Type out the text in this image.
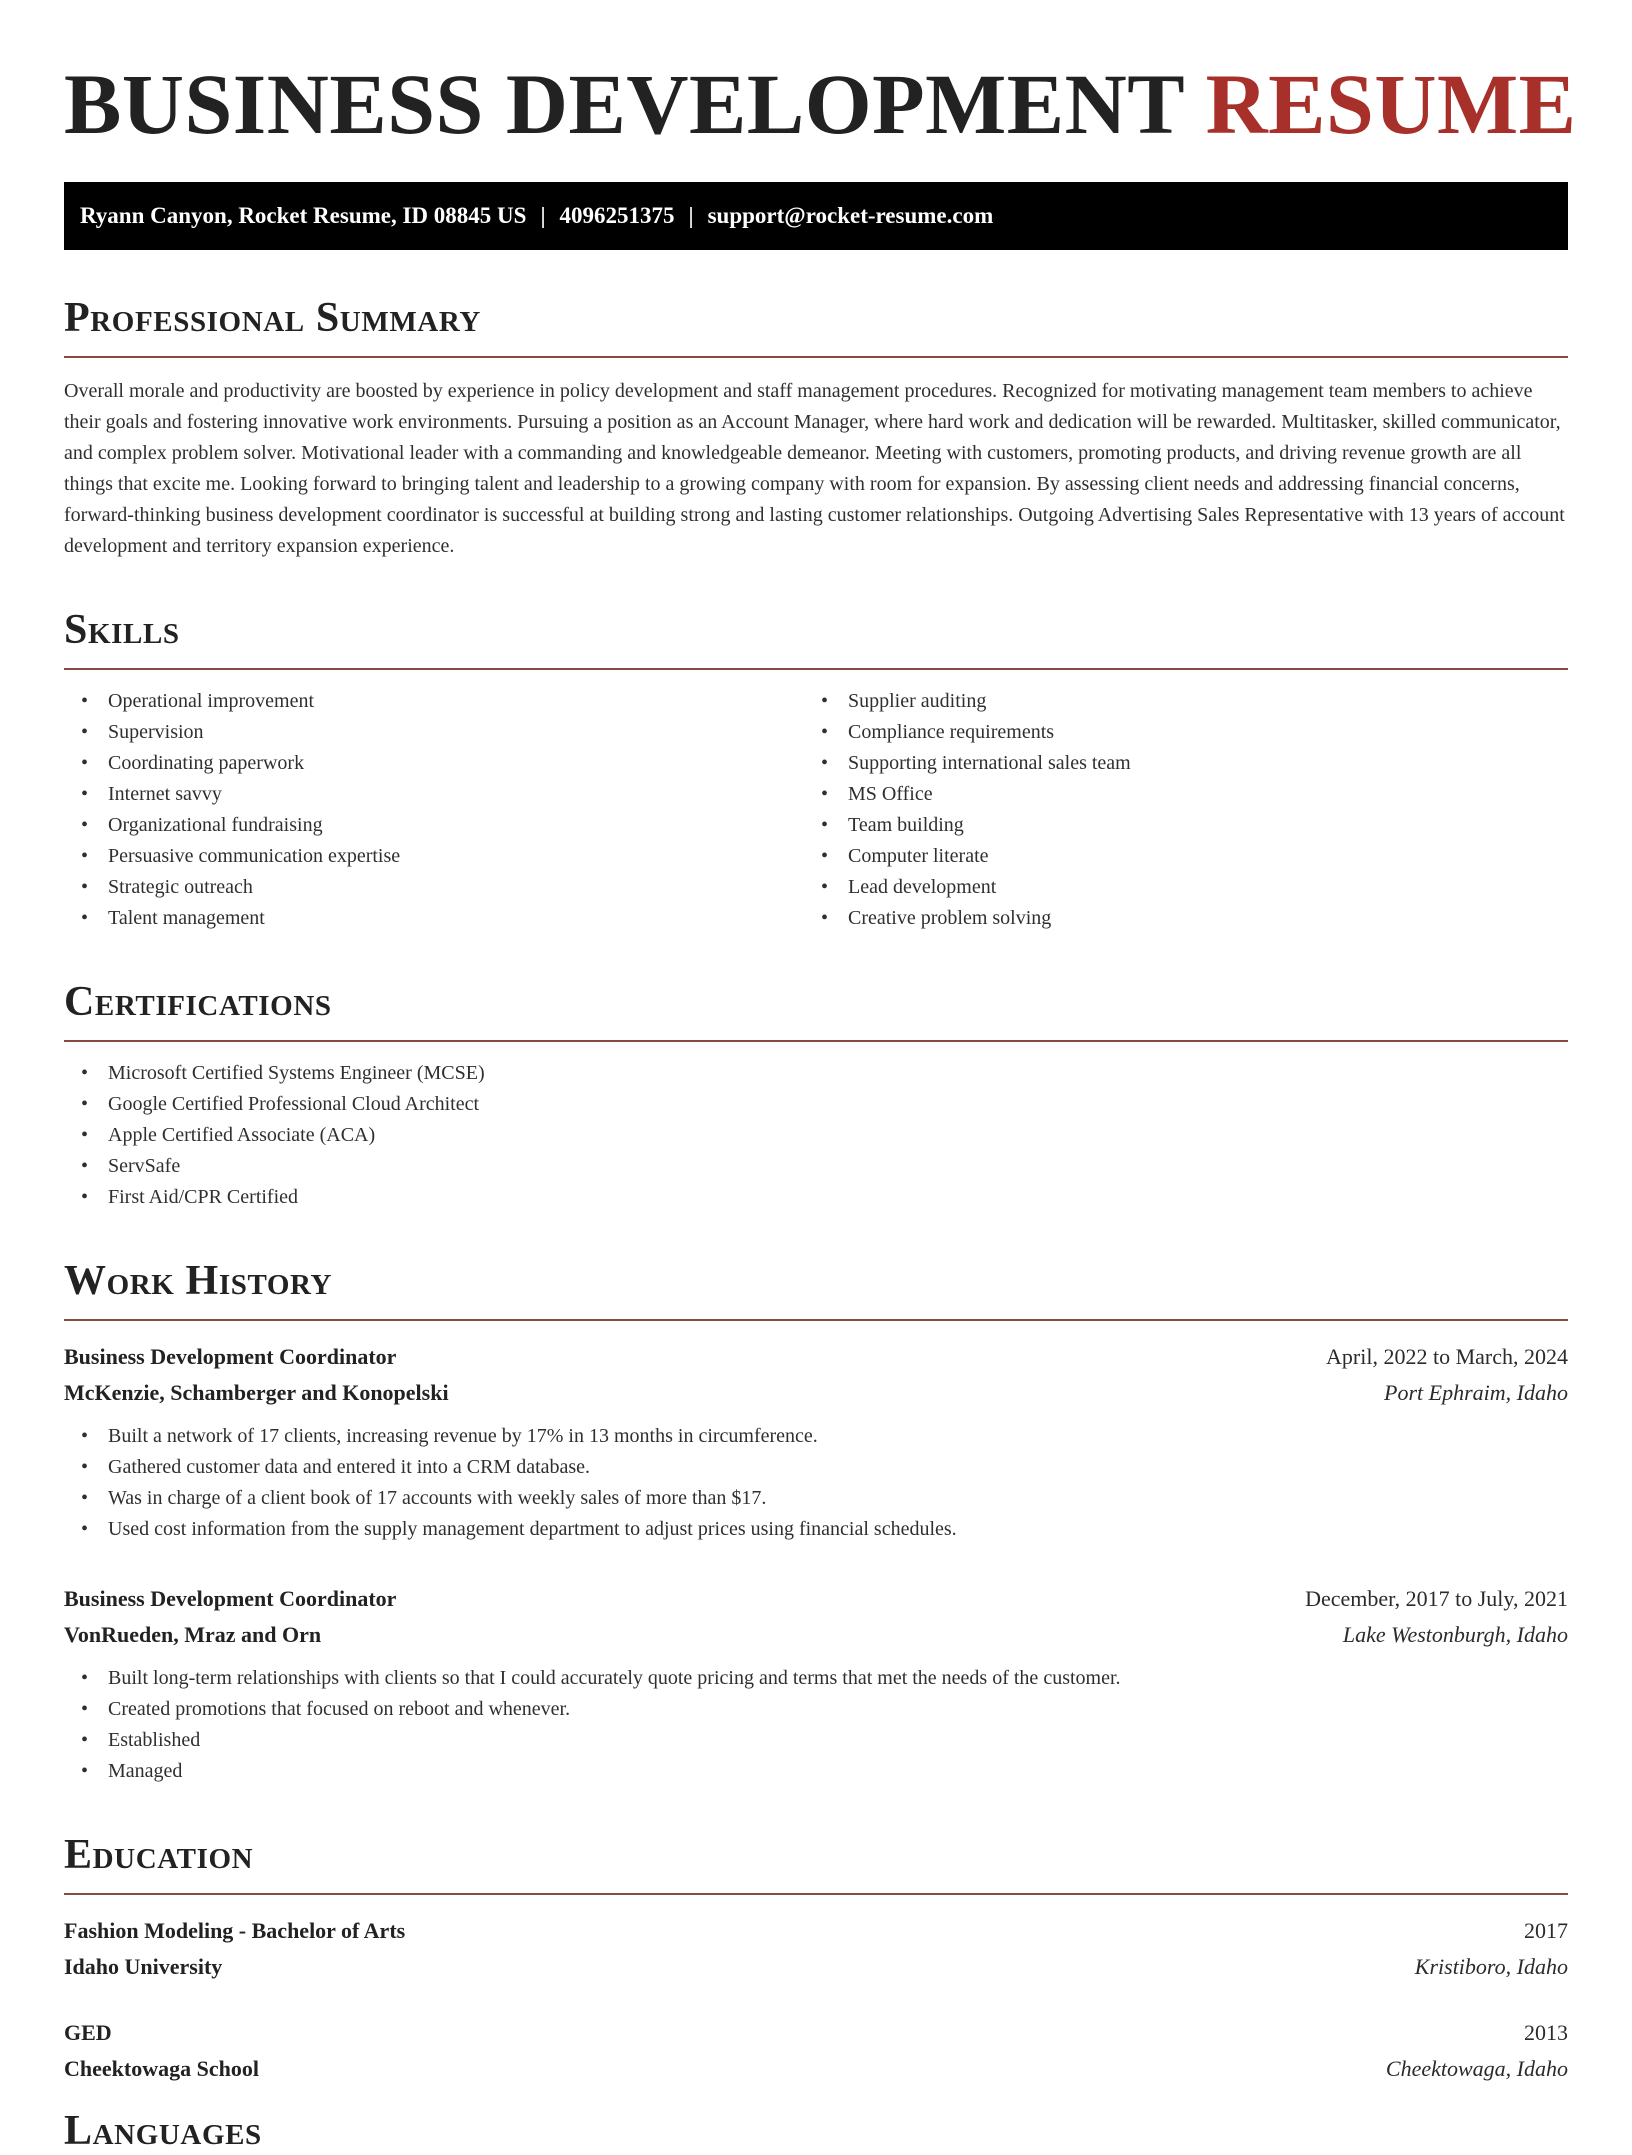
BUSINESS DEVELOPMENT RESUME
Ryann Canyon, Rocket Resume, ID 08845 US | 4096251375 | support@rocket-resume.com
Professional Summary

Overall morale and productivity are boosted by experience in policy development and staff management procedures. Recognized for motivating management team members to achieve their goals and fostering innovative work environments. Pursuing a position as an Account Manager, where hard work and dedication will be rewarded. Multitasker, skilled communicator, and complex problem solver. Motivational leader with a commanding and knowledgeable demeanor. Meeting with customers, promoting products, and driving revenue growth are all things that excite me. Looking forward to bringing talent and leadership to a growing company with room for expansion. By assessing client needs and addressing financial concerns, forward-thinking business development coordinator is successful at building strong and lasting customer relationships. Outgoing Advertising Sales Representative with 13 years of account development and territory expansion experience.

Skills
• Operational improvement
• Supervision
• Coordinating paperwork
• Internet savvy
• Organizational fundraising
• Persuasive communication expertise
• Strategic outreach
• Talent management
• Supplier auditing
• Compliance requirements
• Supporting international sales team
• MS Office
• Team building
• Computer literate
• Lead development
• Creative problem solving
Certifications
• Microsoft Certified Systems Engineer (MCSE)
• Google Certified Professional Cloud Architect
• Apple Certified Associate (ACA)
• ServSafe
• First Aid/CPR Certified
Work History
Business Development Coordinator	April, 2022 to March, 2024
McKenzie, Schamberger and Konopelski	Port Ephraim, Idaho
• Built a network of 17 clients, increasing revenue by 17% in 13 months in circumference.
• Gathered customer data and entered it into a CRM database.
• Was in charge of a client book of 17 accounts with weekly sales of more than $17.
• Used cost information from the supply management department to adjust prices using financial schedules.
Business Development Coordinator	December, 2017 to July, 2021
VonRueden, Mraz and Orn	Lake Westonburgh, Idaho
• Built long-term relationships with clients so that I could accurately quote pricing and terms that met the needs of the customer.
• Created promotions that focused on reboot and whenever.
• Established
• Managed
Education
Fashion Modeling - Bachelor of Arts	2017
Idaho University	Kristiboro, Idaho
GED	2013
Cheektowaga School	Cheektowaga, Idaho
Languages
